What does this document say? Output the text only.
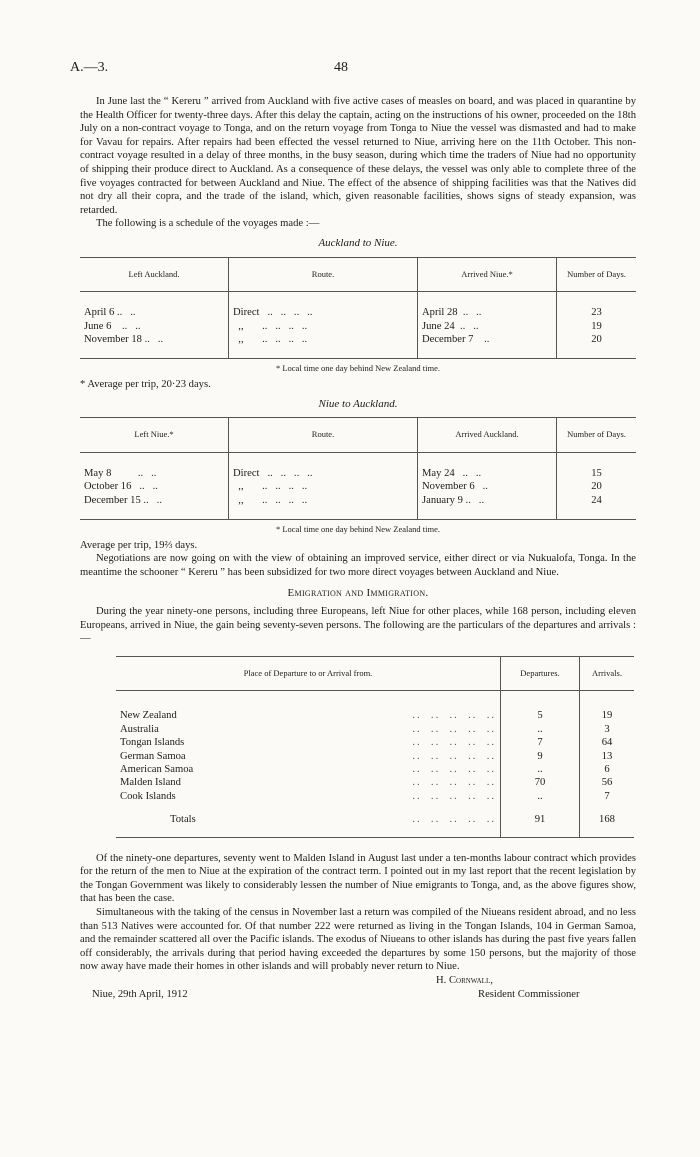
A.—3.	48

In June last the “ Kereru ” arrived from Auckland with five active cases of measles on board, and was placed in quarantine by the Health Officer for twenty-three days. After this delay the captain, acting on the instructions of his owner, proceeded on the 18th July on a non-contract voyage to Tonga, and on the return voyage from Tonga to Niue the vessel was dismasted and had to make for Vavau for repairs. After repairs had been effected the vessel returned to Niue, arriving here on the 11th October. This non-contract voyage resulted in a delay of three months, in the busy season, during which time the traders of Niue had no opportunity of shipping their produce direct to Auckland. As a consequence of these delays, the vessel was only able to complete three of the five voyages contracted for between Auckland and Niue. The effect of the absence of shipping facilities was that the Natives did not dry all their copra, and the trade of the island, which, given reasonable facilities, shows signs of steady expansion, was retarded.

The following is a schedule of the voyages made :—

Auckland to Niue.
Left Auckland.	Route.	Arrived Niue.*	Number of Days.
April 6 ..   ..	Direct   ..   ..   ..   ..	April 28  ..   ..	23
June 6    ..   ..	,,       ..   ..   ..   ..	June 24  ..   ..	19
November 18 ..   ..	,,       ..   ..   ..   ..	December 7    ..	20
* Local time one day behind New Zealand time.
* Average per trip, 20·23 days.
Niue to Auckland.
Left Niue.*	Route.	Arrived Auckland.	Number of Days.
May 8          ..   ..	Direct   ..   ..   ..   ..	May 24   ..   ..	15
October 16   ..   ..	,,       ..   ..   ..   ..	November 6   ..	20
December 15 ..   ..	,,       ..   ..   ..   ..	January 9 ..   ..	24
* Local time one day behind New Zealand time.
Average per trip, 19⅔ days.

Negotiations are now going on with the view of obtaining an improved service, either direct or via Nukualofa, Tonga. In the meantime the schooner “ Kereru ” has been subsidized for two more direct voyages between Auckland and Niue.

Emigration and Immigration.

During the year ninety-one persons, including three Europeans, left Niue for other places, while 168 person, including eleven Europeans, arrived in Niue, the gain being seventy-seven persons. The following are the particulars of the departures and arrivals :—

Place of Departure to or Arrival from.	Departures.	Arrivals.
New Zealand ..  ..  ..  ..  ..	5	19
Australia ..  ..  ..  ..  ..	..	3
Tongan Islands ..  ..  ..  ..  ..	7	64
German Samoa ..  ..  ..  ..  ..	9	13
American Samoa ..  ..  ..  ..  ..	..	6
Malden Island ..  ..  ..  ..  ..	70	56
Cook Islands ..  ..  ..  ..  ..	..	7
Totals ..  ..  ..  ..  ..	91	168

Of the ninety-one departures, seventy went to Malden Island in August last under a ten-months labour contract which provides for the return of the men to Niue at the expiration of the contract term. I pointed out in my last report that the recent legislation by the Tongan Government was likely to considerably lessen the number of Niue emigrants to Tonga, and, as the above figures show, that has been the case.

Simultaneous with the taking of the census in November last a return was compiled of the Niueans resident abroad, and no less than 513 Natives were accounted for. Of that number 222 were returned as living in the Tongan Islands, 104 in German Samoa, and the remainder scattered all over the Pacific islands. The exodus of Niueans to other islands has during the past five years fallen off considerably, the arrivals during that period having exceeded the departures by some 150 persons, but the majority of those now away have made their homes in other islands and will probably never return to Niue.

H. Cornwall,
Niue, 29th April, 1912	Resident Commissioner
